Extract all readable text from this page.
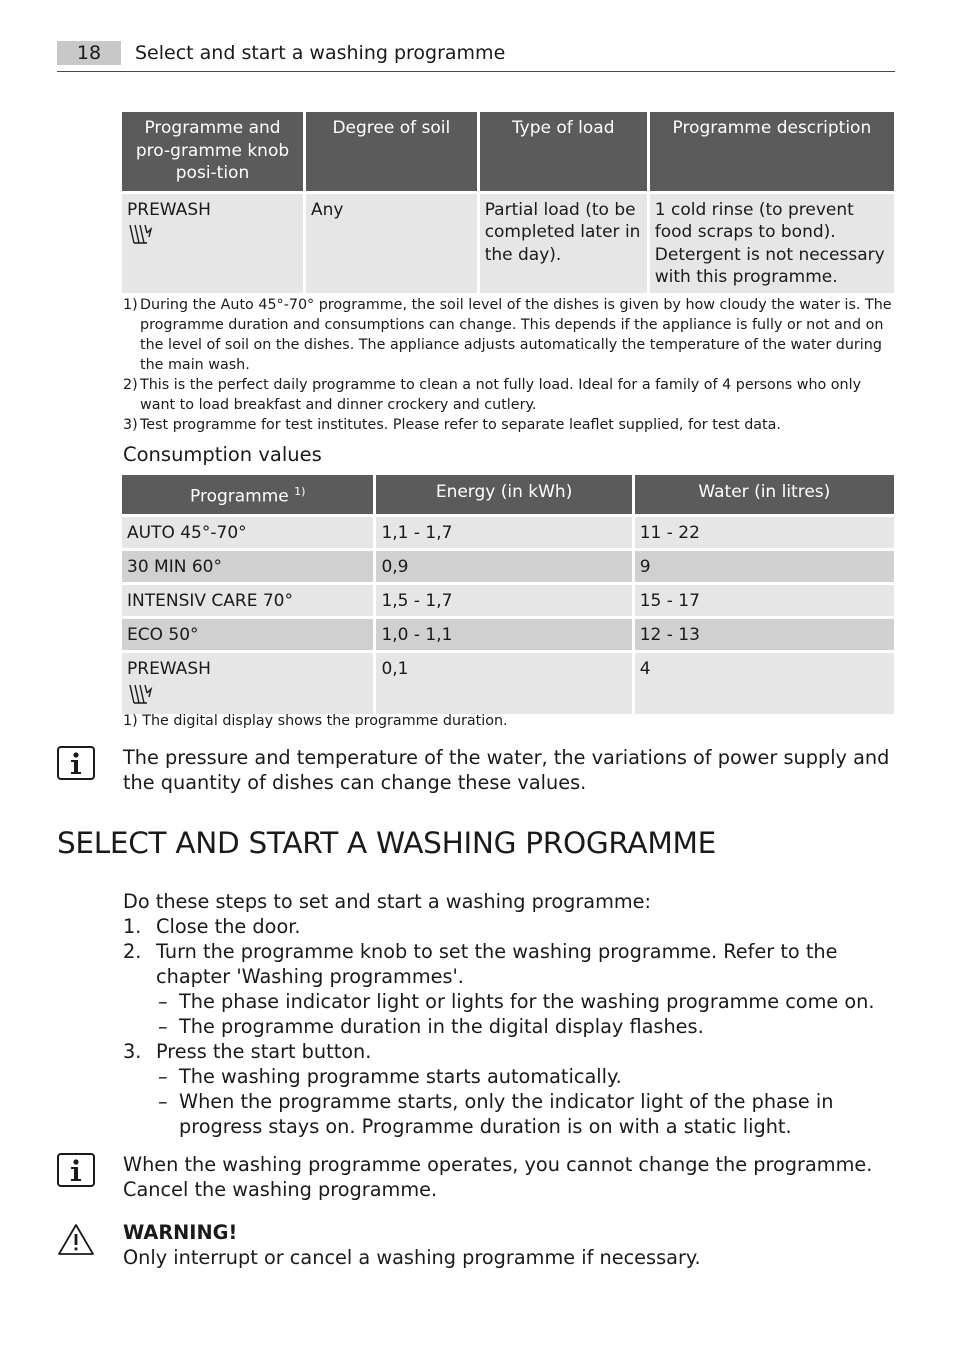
18	Select and start a washing programme
Programme and pro-gramme knob posi-tion	Degree of soil	Type of load	Programme description
PREWASH	Any	Partial load (to be completed later in the day).	1 cold rinse (to prevent food scraps to bond). Detergent is not necessary with this programme.
1) During the Auto 45°-70° programme, the soil level of the dishes is given by how cloudy the water is. The programme duration and consumptions can change. This depends if the appliance is fully or not and on the level of soil on the dishes. The appliance adjusts automatically the temperature of the water during the main wash.
2) This is the perfect daily programme to clean a not fully load. Ideal for a family of 4 persons who only want to load breakfast and dinner crockery and cutlery.
3) Test programme for test institutes. Please refer to separate leaflet supplied, for test data.
Consumption values
Programme $^{1)}$	Energy (in kWh)	Water (in litres)
AUTO 45°-70°	1,1 - 1,7	11 - 22
30 MIN 60°	0,9	9
INTENSIV CARE 70°	1,5 - 1,7	15 - 17
ECO 50°	1,0 - 1,1	12 - 13
PREWASH	0,1	4
1) The digital display shows the programme duration.
The pressure and temperature of the water, the variations of power supply and the quantity of dishes can change these values.
SELECT AND START A WASHING PROGRAMME
Do these steps to set and start a washing programme:
1. Close the door.
2. Turn the programme knob to set the washing programme. Refer to the chapter 'Washing programmes'.
– The phase indicator light or lights for the washing programme come on.
– The programme duration in the digital display flashes.
3. Press the start button.
– The washing programme starts automatically.
– When the programme starts, only the indicator light of the phase in progress stays on. Programme duration is on with a static light.
When the washing programme operates, you cannot change the programme. Cancel the washing programme.
WARNING!
Only interrupt or cancel a washing programme if necessary.
